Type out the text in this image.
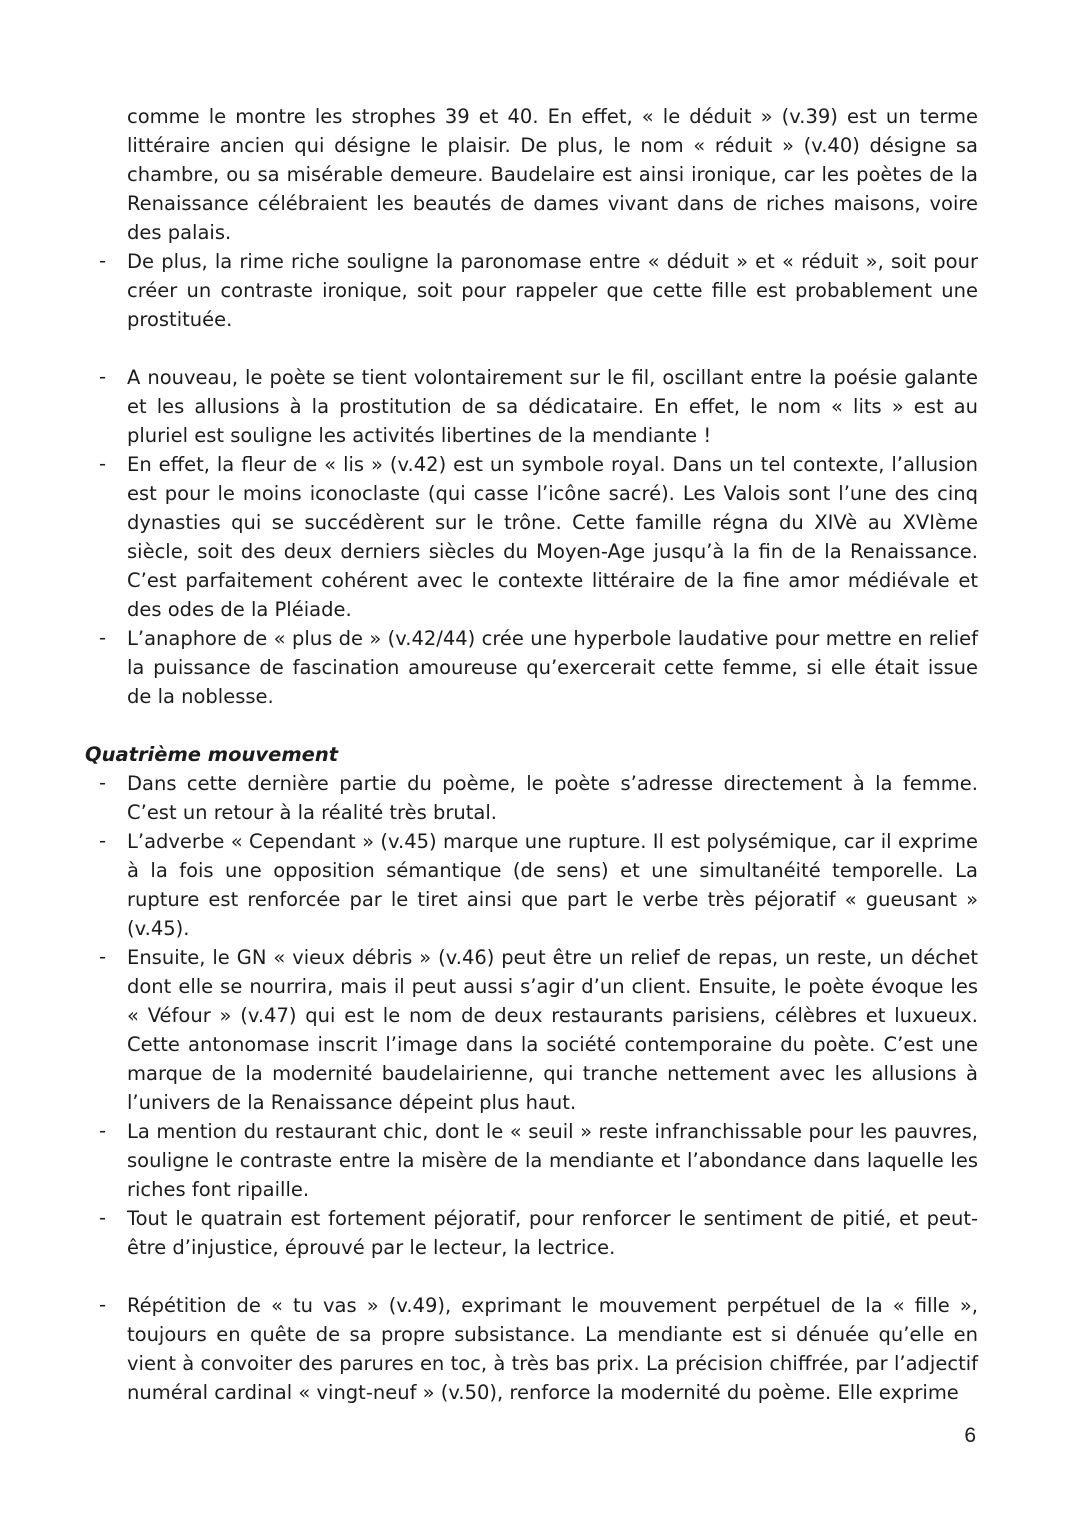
comme le montre les strophes 39 et 40. En effet, « le déduit » (v.39) est un terme littéraire ancien qui désigne le plaisir. De plus, le nom « réduit » (v.40) désigne sa chambre, ou sa misérable demeure. Baudelaire est ainsi ironique, car les poètes de la Renaissance célébraient les beautés de dames vivant dans de riches maisons, voire des palais.

- De plus, la rime riche souligne la paronomase entre « déduit » et « réduit », soit pour créer un contraste ironique, soit pour rappeler que cette fille est probablement une prostituée.

- A nouveau, le poète se tient volontairement sur le fil, oscillant entre la poésie galante et les allusions à la prostitution de sa dédicataire. En effet, le nom « lits » est au pluriel est souligne les activités libertines de la mendiante !

- En effet, la fleur de « lis » (v.42) est un symbole royal. Dans un tel contexte, l’allusion est pour le moins iconoclaste (qui casse l’icône sacré). Les Valois sont l’une des cinq dynasties qui se succédèrent sur le trône. Cette famille régna du XIVè au XVIème siècle, soit des deux derniers siècles du Moyen-Age jusqu’à la fin de la Renaissance. C’est parfaitement cohérent avec le contexte littéraire de la fine amor médiévale et des odes de la Pléiade.

- L’anaphore de « plus de » (v.42/44) crée une hyperbole laudative pour mettre en relief la puissance de fascination amoureuse qu’exercerait cette femme, si elle était issue de la noblesse.

Quatrième mouvement

- Dans cette dernière partie du poème, le poète s’adresse directement à la femme. C’est un retour à la réalité très brutal.

- L’adverbe « Cependant » (v.45) marque une rupture. Il est polysémique, car il exprime à la fois une opposition sémantique (de sens) et une simultanéité temporelle. La rupture est renforcée par le tiret ainsi que part le verbe très péjoratif « gueusant » (v.45).

- Ensuite, le GN « vieux débris » (v.46) peut être un relief de repas, un reste, un déchet dont elle se nourrira, mais il peut aussi s’agir d’un client. Ensuite, le poète évoque les « Véfour » (v.47) qui est le nom de deux restaurants parisiens, célèbres et luxueux. Cette antonomase inscrit l’image dans la société contemporaine du poète. C’est une marque de la modernité baudelairienne, qui tranche nettement avec les allusions à l’univers de la Renaissance dépeint plus haut.

- La mention du restaurant chic, dont le « seuil » reste infranchissable pour les pauvres, souligne le contraste entre la misère de la mendiante et l’abondance dans laquelle les riches font ripaille.

- Tout le quatrain est fortement péjoratif, pour renforcer le sentiment de pitié, et peut-être d’injustice, éprouvé par le lecteur, la lectrice.

- Répétition de « tu vas » (v.49), exprimant le mouvement perpétuel de la « fille », toujours en quête de sa propre subsistance. La mendiante est si dénuée qu’elle en vient à convoiter des parures en toc, à très bas prix. La précision chiffrée, par l’adjectif numéral cardinal « vingt-neuf » (v.50), renforce la modernité du poème. Elle exprime

6
